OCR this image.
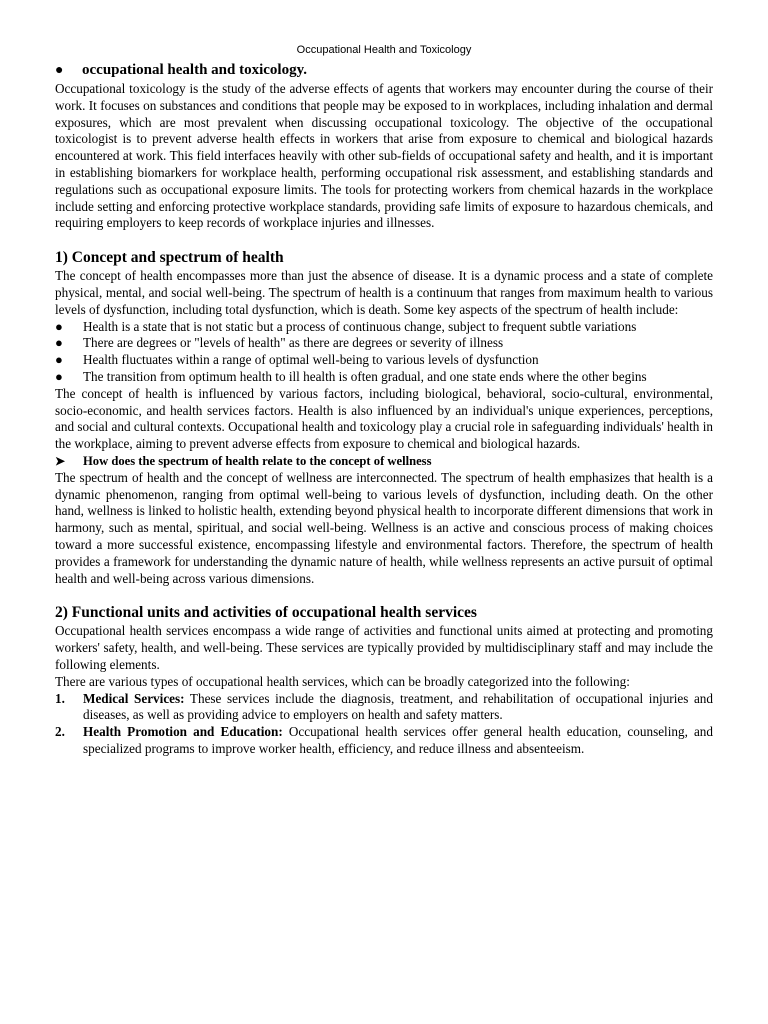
Occupational Health and Toxicology
●	occupational health and toxicology.

Occupational toxicology is the study of the adverse effects of agents that workers may encounter during the course of their work. It focuses on substances and conditions that people may be exposed to in workplaces, including inhalation and dermal exposures, which are most prevalent when discussing occupational toxicology. The objective of the occupational toxicologist is to prevent adverse health effects in workers that arise from exposure to chemical and biological hazards encountered at work. This field interfaces heavily with other sub-fields of occupational safety and health, and it is important in establishing biomarkers for workplace health, performing occupational risk assessment, and establishing standards and regulations such as occupational exposure limits. The tools for protecting workers from chemical hazards in the workplace include setting and enforcing protective workplace standards, providing safe limits of exposure to hazardous chemicals, and requiring employers to keep records of workplace injuries and illnesses.

1) Concept and spectrum of health

The concept of health encompasses more than just the absence of disease. It is a dynamic process and a state of complete physical, mental, and social well-being. The spectrum of health is a continuum that ranges from maximum health to various levels of dysfunction, including total dysfunction, which is death. Some key aspects of the spectrum of health include:

●	Health is a state that is not static but a process of continuous change, subject to frequent subtle variations
●	There are degrees or "levels of health" as there are degrees or severity of illness
●	Health fluctuates within a range of optimal well-being to various levels of dysfunction
●	The transition from optimum health to ill health is often gradual, and one state ends where the other begins

The concept of health is influenced by various factors, including biological, behavioral, socio-cultural, environmental, socio-economic, and health services factors. Health is also influenced by an individual's unique experiences, perceptions, and social and cultural contexts. Occupational health and toxicology play a crucial role in safeguarding individuals' health in the workplace, aiming to prevent adverse effects from exposure to chemical and biological hazards.

➤	How does the spectrum of health relate to the concept of wellness

The spectrum of health and the concept of wellness are interconnected. The spectrum of health emphasizes that health is a dynamic phenomenon, ranging from optimal well-being to various levels of dysfunction, including death. On the other hand, wellness is linked to holistic health, extending beyond physical health to incorporate different dimensions that work in harmony, such as mental, spiritual, and social well-being. Wellness is an active and conscious process of making choices toward a more successful existence, encompassing lifestyle and environmental factors. Therefore, the spectrum of health provides a framework for understanding the dynamic nature of health, while wellness represents an active pursuit of optimal health and well-being across various dimensions.

2) Functional units and activities of occupational health services

Occupational health services encompass a wide range of activities and functional units aimed at protecting and promoting workers' safety, health, and well-being. These services are typically provided by multidisciplinary staff and may include the following elements.

There are various types of occupational health services, which can be broadly categorized into the following:

1.	Medical Services: These services include the diagnosis, treatment, and rehabilitation of occupational injuries and diseases, as well as providing advice to employers on health and safety matters.
2.	Health Promotion and Education: Occupational health services offer general health education, counseling, and specialized programs to improve worker health, efficiency, and reduce illness and absenteeism.
